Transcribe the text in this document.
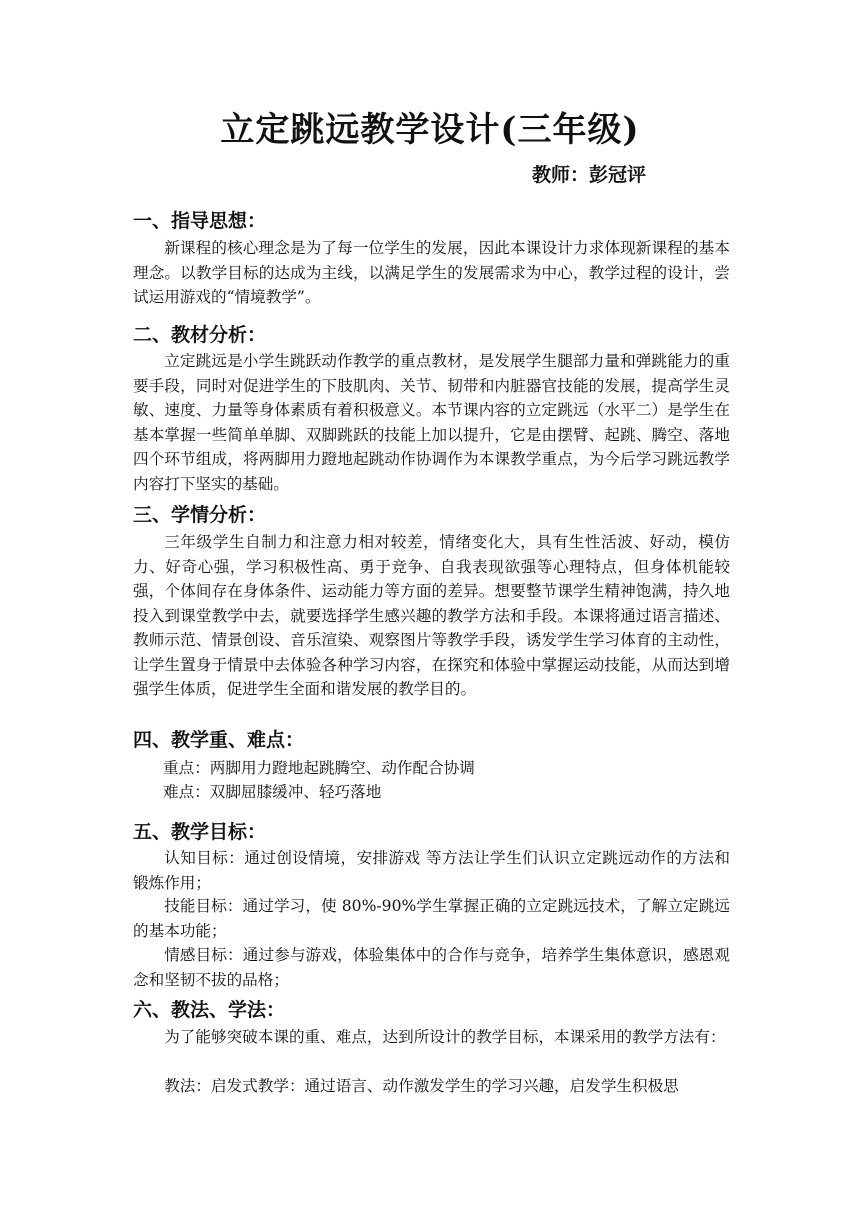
立定跳远教学设计(三年级)
教师：彭冠评
一、指导思想：

新课程的核心理念是为了每一位学生的发展，因此本课设计力求体现新课程的基本理念。以教学目标的达成为主线，以满足学生的发展需求为中心，教学过程的设计，尝试运用游戏的“情境教学”。

二、教材分析：

立定跳远是小学生跳跃动作教学的重点教材，是发展学生腿部力量和弹跳能力的重要手段，同时对促进学生的下肢肌肉、关节、韧带和内脏器官技能的发展，提高学生灵敏、速度、力量等身体素质有着积极意义。本节课内容的立定跳远（水平二）是学生在基本掌握一些简单单脚、双脚跳跃的技能上加以提升，它是由摆臂、起跳、腾空、落地四个环节组成，将两脚用力蹬地起跳动作协调作为本课教学重点，为今后学习跳远教学内容打下坚实的基础。

三、学情分析：

三年级学生自制力和注意力相对较差，情绪变化大，具有生性活波、好动，模仿力、好奇心强，学习积极性高、勇于竞争、自我表现欲强等心理特点，但身体机能较强，个体间存在身体条件、运动能力等方面的差异。想要整节课学生精神饱满，持久地投入到课堂教学中去，就要选择学生感兴趣的教学方法和手段。本课将通过语言描述、教师示范、情景创设、音乐渲染、观察图片等教学手段，诱发学生学习体育的主动性，让学生置身于情景中去体验各种学习内容，在探究和体验中掌握运动技能，从而达到增强学生体质，促进学生全面和谐发展的教学目的。

四、教学重、难点：
重点：两脚用力蹬地起跳腾空、动作配合协调
难点：双脚屈膝缓冲、轻巧落地
五、教学目标：

认知目标：通过创设情境，安排游戏 等方法让学生们认识立定跳远动作的方法和锻炼作用；

技能目标：通过学习，使 80%-90%学生掌握正确的立定跳远技术，了解立定跳远的基本功能；

情感目标：通过参与游戏，体验集体中的合作与竞争，培养学生集体意识，感恩观念和坚韧不拔的品格；

六、教法、学法：

为了能够突破本课的重、难点，达到所设计的教学目标，本课采用的教学方法有：

教法：启发式教学：通过语言、动作激发学生的学习兴趣，启发学生积极思
